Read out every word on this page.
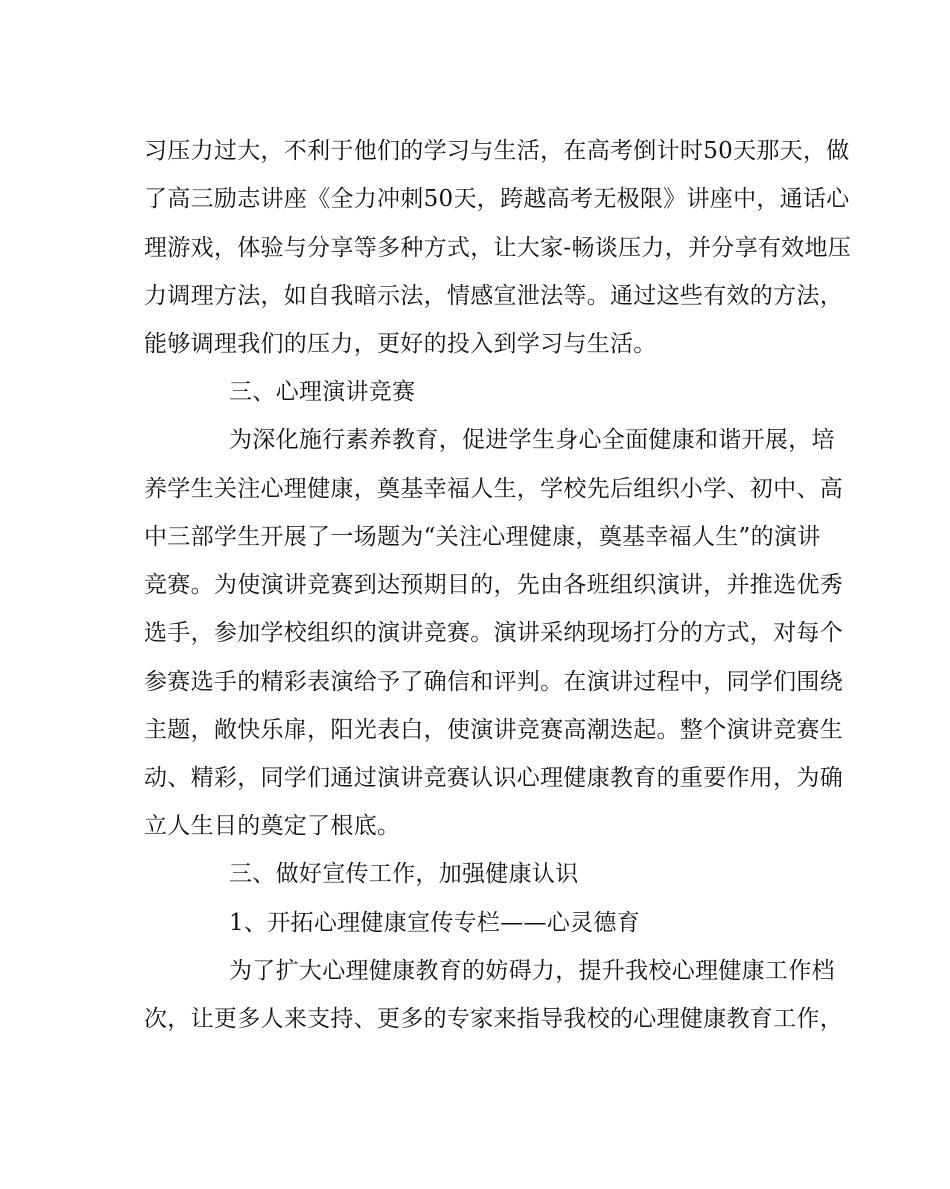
习压力过大，不利于他们的学习与生活，在高考倒计时50天那天，做
了高三励志讲座《全力冲刺50天，跨越高考无极限》讲座中，通话心
理游戏，体验与分享等多种方式，让大家-畅谈压力，并分享有效地压
力调理方法，如自我暗示法，情感宣泄法等。通过这些有效的方法，
能够调理我们的压力，更好的投入到学习与生活。
三、心理演讲竞赛
为深化施行素养教育，促进学生身心全面健康和谐开展，培
养学生关注心理健康，奠基幸福人生，学校先后组织小学、初中、高
中三部学生开展了一场题为“关注心理健康，奠基幸福人生”的演讲
竞赛。为使演讲竞赛到达预期目的，先由各班组织演讲，并推选优秀
选手，参加学校组织的演讲竞赛。演讲采纳现场打分的方式，对每个
参赛选手的精彩表演给予了确信和评判。在演讲过程中，同学们围绕
主题，敞快乐扉，阳光表白，使演讲竞赛高潮迭起。整个演讲竞赛生
动、精彩，同学们通过演讲竞赛认识心理健康教育的重要作用，为确
立人生目的奠定了根底。
三、做好宣传工作，加强健康认识
1、开拓心理健康宣传专栏——心灵德育
为了扩大心理健康教育的妨碍力，提升我校心理健康工作档
次，让更多人来支持、更多的专家来指导我校的心理健康教育工作，
